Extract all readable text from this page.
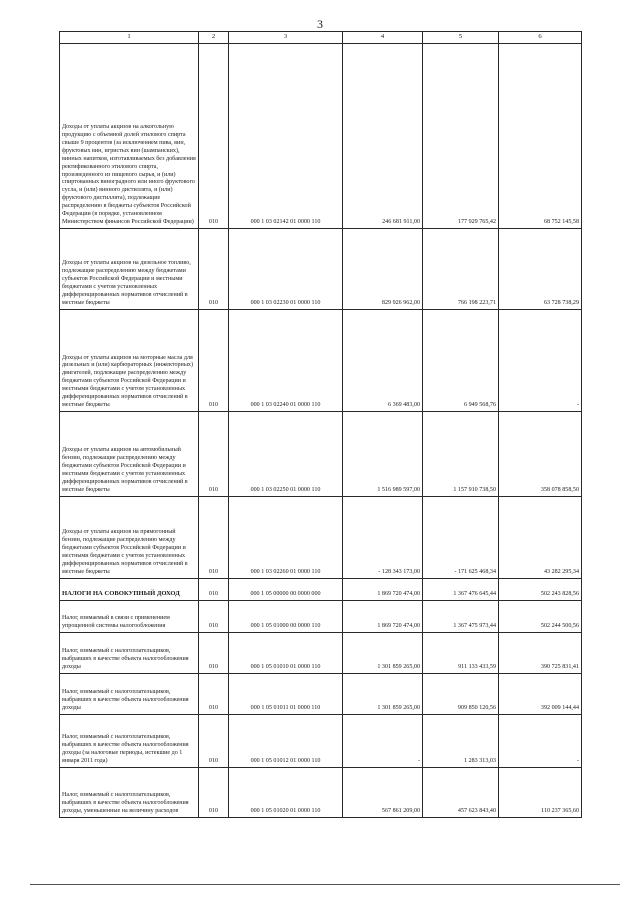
3
1	2	3	4	5	6
Доходы от уплаты акцизов на алкогольную продукцию с объемной долей этилового спирта свыше 9 процентов (за исключением пива, вин, фруктовых вин, игристых вин (шампанских), винных напитков, изготавливаемых без добавления ректификованного этилового спирта, произведенного из пищевого сырья, и (или) спиртованных виноградного или иного фруктового сусла, и (или) винного дистиллята, и (или) фруктового дистиллята), подлежащие распределению в бюджеты субъектов Российской Федерации (в порядке, установленном Министерством финансов Российской Федерации)	010	000 1 03 02142 01 0000 110	246 681 911,00	177 929 765,42	68 752 145,58
Доходы от уплаты акцизов на дизельное топливо, подлежащие распределению между бюджетами субъектов Российской Федерации и местными бюджетами с учетом установленных дифференцированных нормативов отчислений в местные бюджеты	010	000 1 03 02230 01 0000 110	829 926 962,00	766 198 223,71	63 728 738,29
Доходы от уплаты акцизов на моторные масла для дизельных и (или) карбюраторных (инжекторных) двигателей, подлежащие распределению между бюджетами субъектов Российской Федерации и местными бюджетами с учетом установленных дифференцированных нормативов отчислений в местные бюджеты	010	000 1 03 02240 01 0000 110	6 369 483,00	6 949 568,76	-
Доходы от уплаты акцизов на автомобильный бензин, подлежащие распределению между бюджетами субъектов Российской Федерации и местными бюджетами с учетом установленных дифференцированных нормативов отчислений в местные бюджеты	010	000 1 03 02250 01 0000 110	1 516 989 597,00	1 157 910 738,50	358 078 858,50
Доходы от уплаты акцизов на прямогонный бензин, подлежащие распределению между бюджетами субъектов Российской Федерации и местными бюджетами с учетом установленных дифференцированных нормативов отчислений в местные бюджеты	010	000 1 03 02260 01 0000 110	- 128 343 173,00	- 171 625 468,34	43 282 295,34
НАЛОГИ НА СОВОКУПНЫЙ ДОХОД	010	000 1 05 00000 00 0000 000	1 869 720 474,00	1 367 476 645,44	502 243 828,56
Налог, взимаемый в связи с применением упрощенной системы налогообложения	010	000 1 05 01000 00 0000 110	1 869 720 474,00	1 367 475 973,44	502 244 500,56
Налог, взимаемый с налогоплательщиков, выбравших в качестве объекта налогообложения доходы	010	000 1 05 01010 01 0000 110	1 301 859 265,00	911 133 433,59	390 725 831,41
Налог, взимаемый с налогоплательщиков, выбравших в качестве объекта налогообложения доходы	010	000 1 05 01011 01 0000 110	1 301 859 265,00	909 850 120,56	392 009 144,44
Налог, взимаемый с налогоплательщиков, выбравших в качестве объекта налогообложения доходы (за налоговые периоды, истекшие до 1 января 2011 года)	010	000 1 05 01012 01 0000 110	-	1 283 313,03	-
Налог, взимаемый с налогоплательщиков, выбравших в качестве объекта налогообложения доходы, уменьшенные на величину расходов	010	000 1 05 01020 01 0000 110	567 861 209,00	457 623 843,40	110 237 365,60
